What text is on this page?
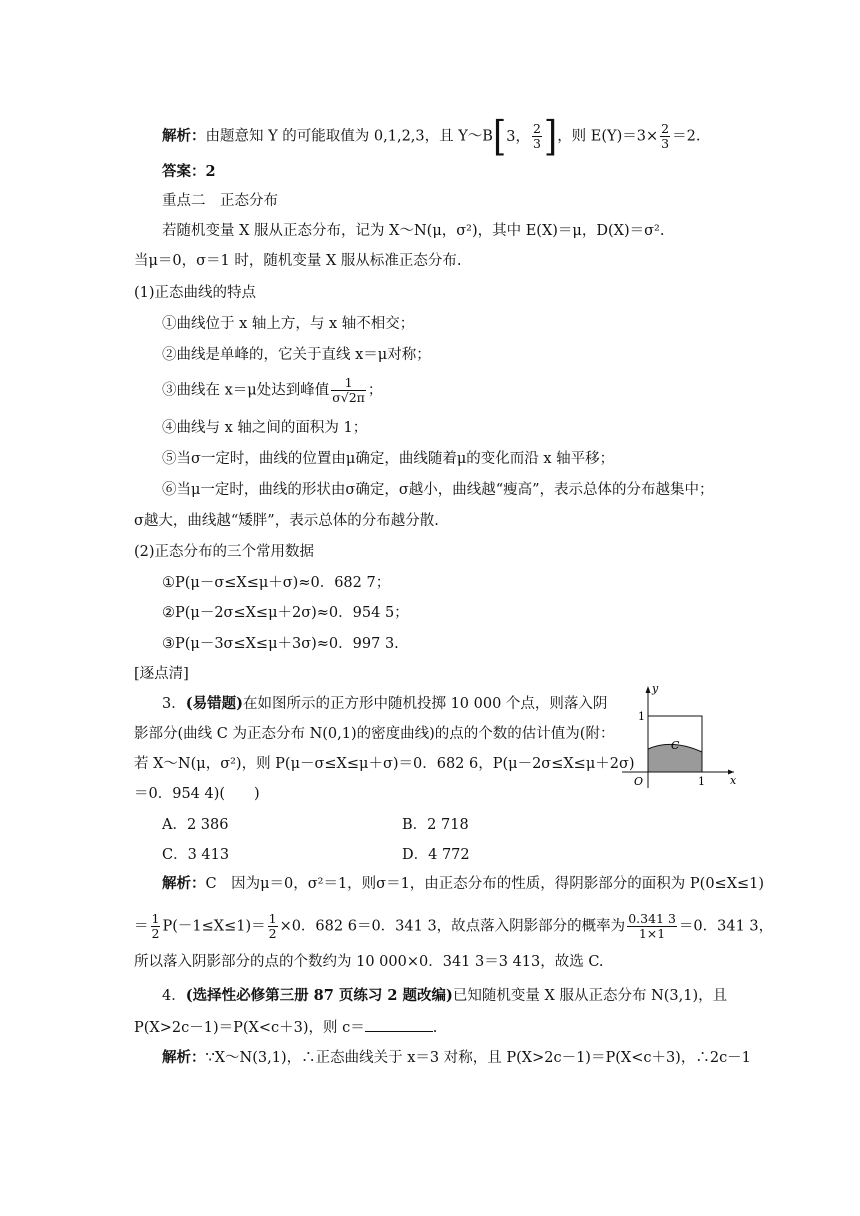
解析：由题意知 Y 的可能取值为 0,1,2,3，且 Y～B [ 3， $\frac{2}{3}$ ] ，则 $E(Y)=3\times \frac{2}{3} =2$.
答案：2
重点二　正态分布
若随机变量 X 服从正态分布，记为 X～N(μ，σ²)，其中 E(X)＝μ，D(X)＝σ².
当μ＝0，σ＝1 时，随机变量 X 服从标准正态分布.
(1)正态曲线的特点
①曲线位于 x 轴上方，与 x 轴不相交；
②曲线是单峰的，它关于直线 x＝μ对称；
③曲线在 x＝μ处达到峰值 $\frac{1}{\sigma√2\pi}$ ；
④曲线与 x 轴之间的面积为 1；
⑤当σ一定时，曲线的位置由μ确定，曲线随着μ的变化而沿 x 轴平移；
⑥当μ一定时，曲线的形状由σ确定，σ越小，曲线越“瘦高”，表示总体的分布越集中；
σ越大，曲线越“矮胖”，表示总体的分布越分散.
(2)正态分布的三个常用数据
①P(μ－σ≤X≤μ＋σ)≈0．682 7；
②P(μ－2σ≤X≤μ＋2σ)≈0．954 5；
③P(μ－3σ≤X≤μ＋3σ)≈0．997 3.
[逐点清]
3．(易错题)在如图所示的正方形中随机投掷 10 000 个点，则落入阴
影部分(曲线 C 为正态分布 N(0,1)的密度曲线)的点的个数的估计值为(附：
若 X～N(μ，σ²)，则 P(μ－σ≤X≤μ＋σ)＝0．682 6，P(μ－2σ≤X≤μ＋2σ)
＝0．954 4)(　　)
y
x
1
1
O
C
A．2 386	B．2 718
C．3 413	D．4 772
解析：C　因为μ＝0，σ²＝1，则σ＝1，由正态分布的性质，得阴影部分的面积为 P(0≤X≤1)
＝ $\frac{1}{2} P(-1\le X\le 1)= \frac{1}{2} \times 0$．682 6＝0．341 3，故点落入阴影部分的概率为 $\frac{0.341 3}{1\times 1} =0$．341 3，
所以落入阴影部分的点的个数约为 10 000×0．341 3＝3 413，故选 C.
4．(选择性必修第三册 87 页练习 2 题改编)已知随机变量 X 服从正态分布 N(3,1)，且
P(X>2c－1)＝P(X<c＋3)，则 c＝	.
解析：∵X～N(3,1)，∴正态曲线关于 x＝3 对称，且 P(X>2c－1)＝P(X<c＋3)，∴2c－1
